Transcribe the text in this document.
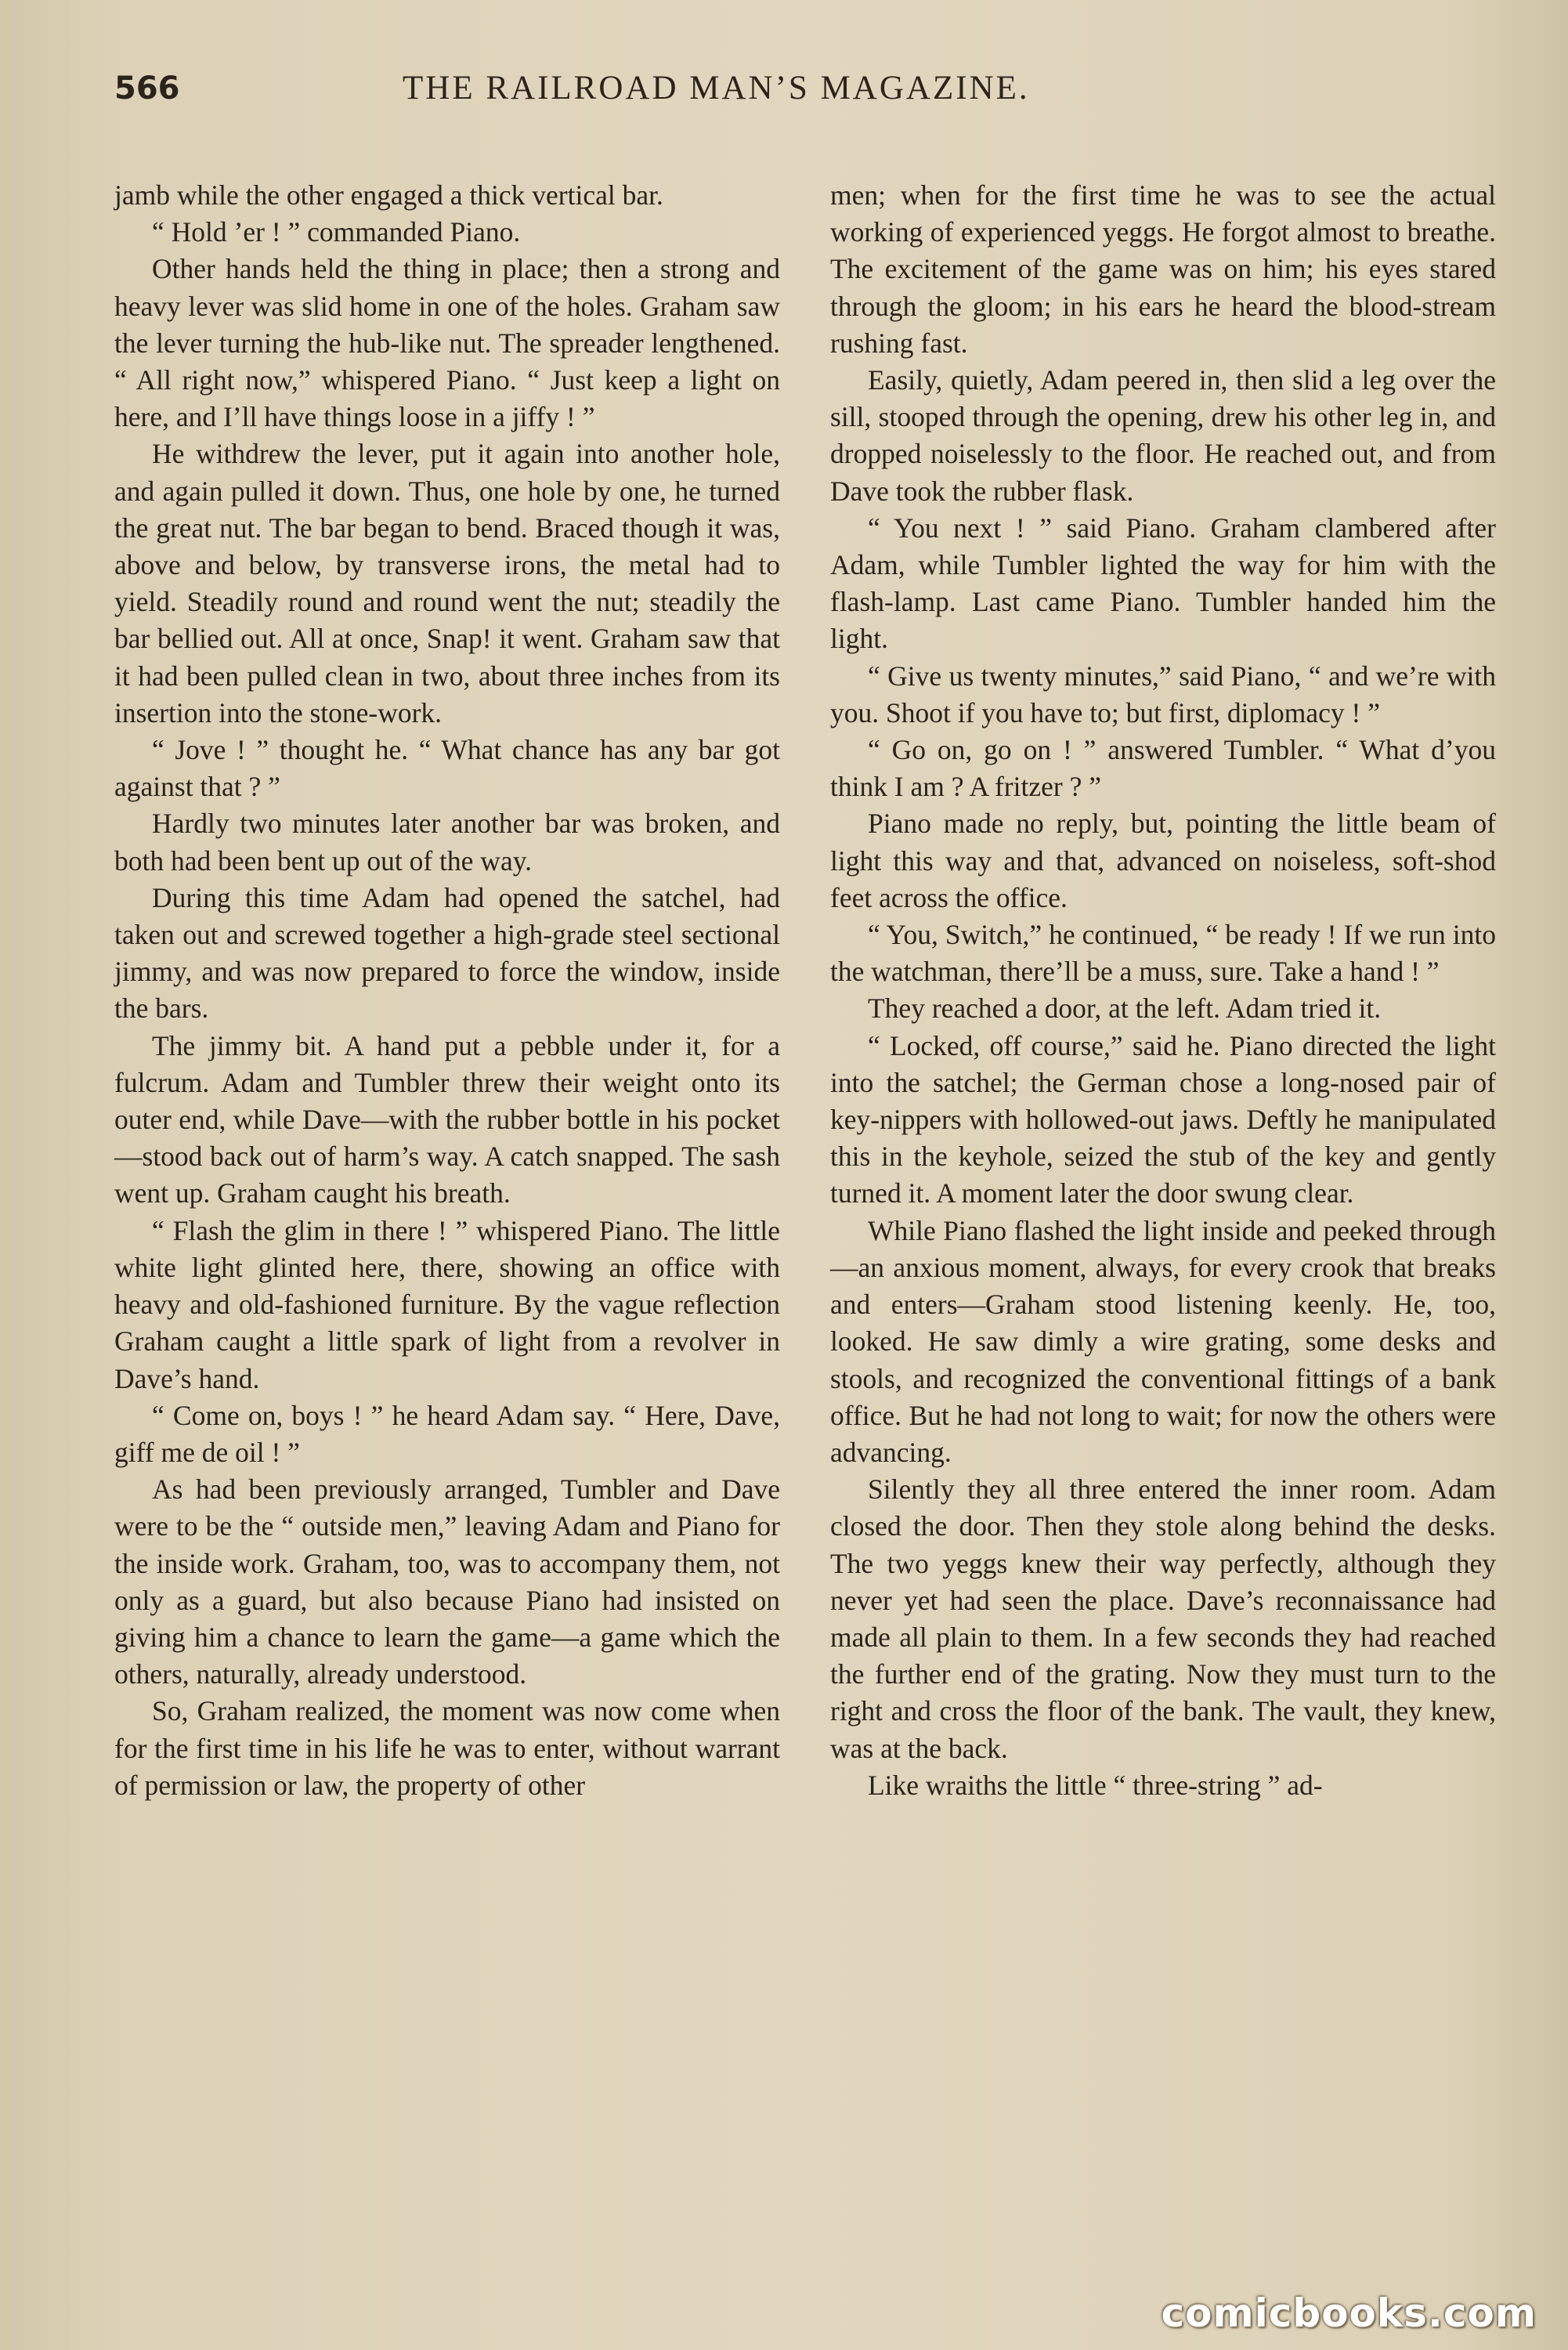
566	THE RAILROAD MAN’S MAGAZINE.

jamb while the other engaged a thick vertical bar.

“ Hold ’er ! ” commanded Piano.

Other hands held the thing in place; then a strong and heavy lever was slid home in one of the holes. Graham saw the lever turning the hub-like nut. The spreader lengthened. “ All right now,” whispered Piano. “ Just keep a light on here, and I’ll have things loose in a jiffy ! ”

He withdrew the lever, put it again into another hole, and again pulled it down. Thus, one hole by one, he turned the great nut. The bar began to bend. Braced though it was, above and below, by transverse irons, the metal had to yield. Steadily round and round went the nut; steadily the bar bellied out. All at once, Snap! it went. Graham saw that it had been pulled clean in two, about three inches from its insertion into the stone-work.

“ Jove ! ” thought he. “ What chance has any bar got against that ? ”

Hardly two minutes later another bar was broken, and both had been bent up out of the way.

During this time Adam had opened the satchel, had taken out and screwed together a high-grade steel sectional jimmy, and was now prepared to force the window, inside the bars.

The jimmy bit. A hand put a pebble under it, for a fulcrum. Adam and Tumbler threw their weight onto its outer end, while Dave—with the rubber bottle in his pocket—stood back out of harm’s way. A catch snapped. The sash went up. Graham caught his breath.

“ Flash the glim in there ! ” whispered Piano. The little white light glinted here, there, showing an office with heavy and old-fashioned furniture. By the vague reflection Graham caught a little spark of light from a revolver in Dave’s hand.

“ Come on, boys ! ” he heard Adam say. “ Here, Dave, giff me de oil ! ”

As had been previously arranged, Tumbler and Dave were to be the “ outside men,” leaving Adam and Piano for the inside work. Graham, too, was to accompany them, not only as a guard, but also because Piano had insisted on giving him a chance to learn the game—a game which the others, naturally, already understood.

So, Graham realized, the moment was now come when for the first time in his life he was to enter, without warrant of permission or law, the property of other

men; when for the first time he was to see the actual working of experienced yeggs. He forgot almost to breathe. The excitement of the game was on him; his eyes stared through the gloom; in his ears he heard the blood-stream rushing fast.

Easily, quietly, Adam peered in, then slid a leg over the sill, stooped through the opening, drew his other leg in, and dropped noiselessly to the floor. He reached out, and from Dave took the rubber flask.

“ You next ! ” said Piano. Graham clambered after Adam, while Tumbler lighted the way for him with the flash-lamp. Last came Piano. Tumbler handed him the light.

“ Give us twenty minutes,” said Piano, “ and we’re with you. Shoot if you have to; but first, diplomacy ! ”

“ Go on, go on ! ” answered Tumbler. “ What d’you think I am ? A fritzer ? ”

Piano made no reply, but, pointing the little beam of light this way and that, advanced on noiseless, soft-shod feet across the office.

“ You, Switch,” he continued, “ be ready ! If we run into the watchman, there’ll be a muss, sure. Take a hand ! ”

They reached a door, at the left. Adam tried it.

“ Locked, off course,” said he. Piano directed the light into the satchel; the German chose a long-nosed pair of key-nippers with hollowed-out jaws. Deftly he manipulated this in the keyhole, seized the stub of the key and gently turned it. A moment later the door swung clear.

While Piano flashed the light inside and peeked through—an anxious moment, always, for every crook that breaks and enters—Graham stood listening keenly. He, too, looked. He saw dimly a wire grating, some desks and stools, and recognized the conventional fittings of a bank office. But he had not long to wait; for now the others were advancing.

Silently they all three entered the inner room. Adam closed the door. Then they stole along behind the desks. The two yeggs knew their way perfectly, although they never yet had seen the place. Dave’s reconnaissance had made all plain to them. In a few seconds they had reached the further end of the grating. Now they must turn to the right and cross the floor of the bank. The vault, they knew, was at the back.

Like wraiths the little “ three-string ” ad-

comicbooks.com
